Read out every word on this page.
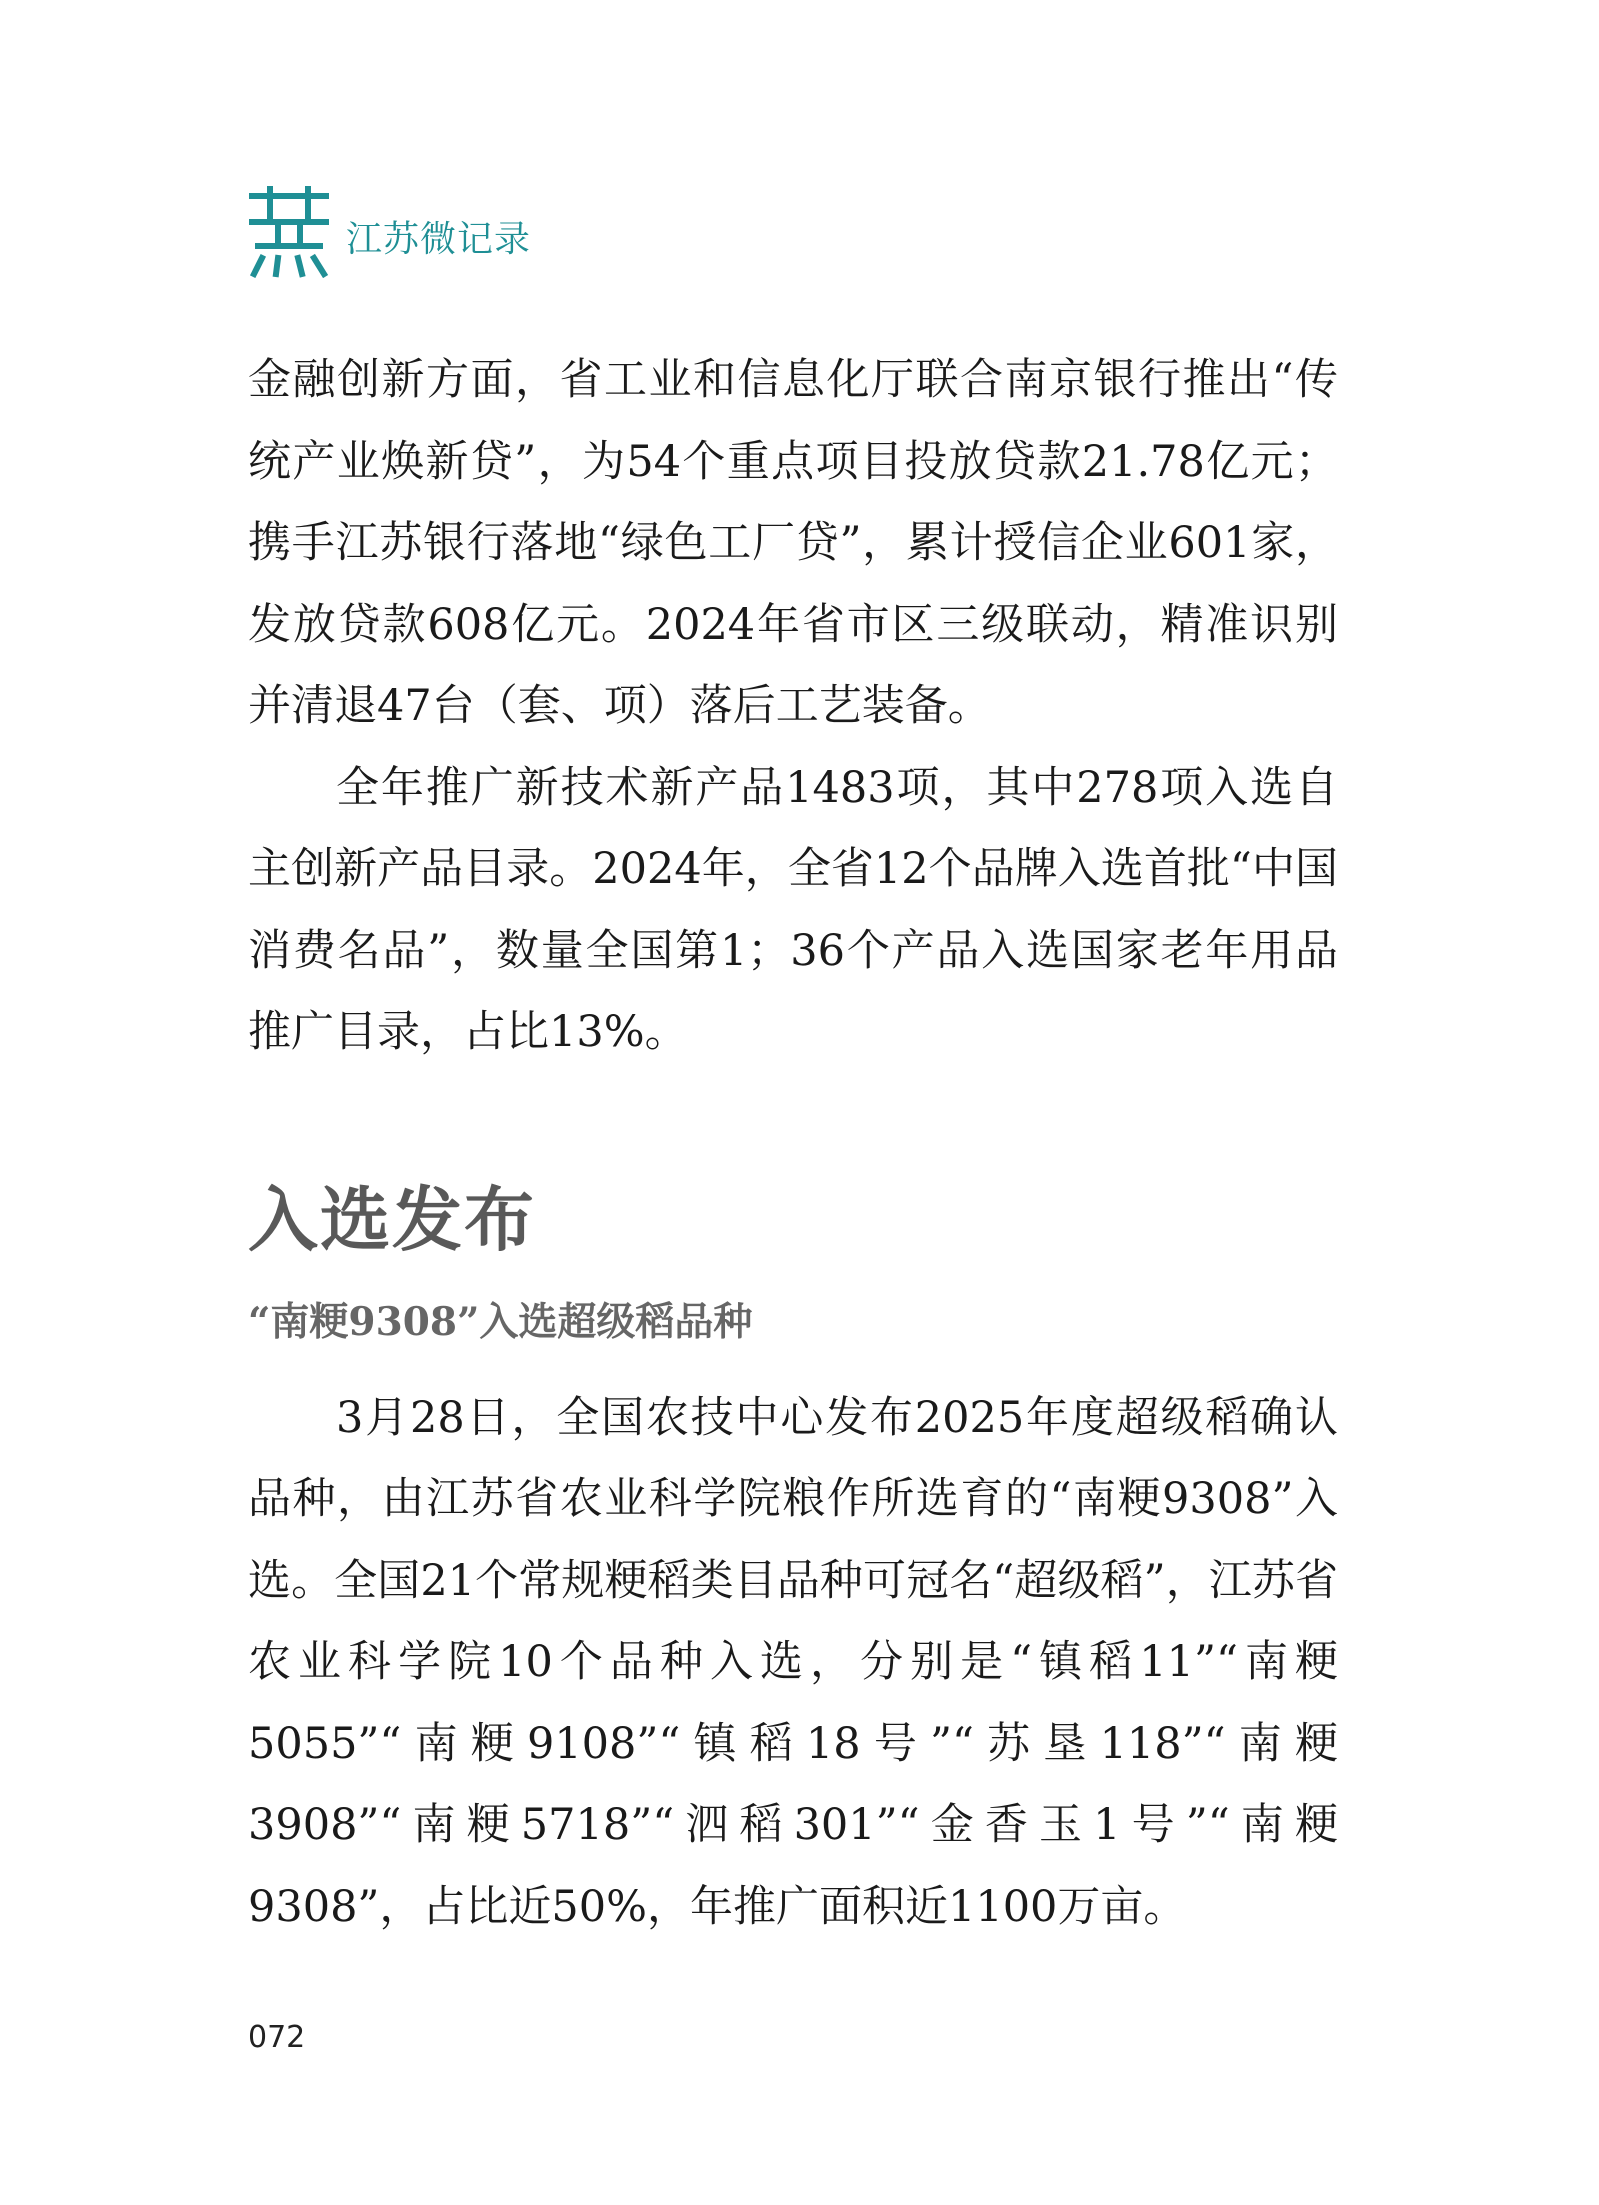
江苏微记录

金融创新方面，省工业和信息化厅联合南京银行推出“传统产业焕新贷”，为54个重点项目投放贷款21.78亿元；携手江苏银行落地“绿色工厂贷”，累计授信企业601家，发放贷款608亿元。2024年省市区三级联动，精准识别并清退47台（套、项）落后工艺装备。

全年推广新技术新产品1483项，其中278项入选自主创新产品目录。2024年，全省12个品牌入选首批“中国消费名品”，数量全国第1；36个产品入选国家老年用品推广目录，占比13%。

入选发布
“南粳9308”入选超级稻品种

3月28日，全国农技中心发布2025年度超级稻确认品种，由江苏省农业科学院粮作所选育的“南粳9308”入选。全国21个常规粳稻类目品种可冠名“超级稻”，江苏省农业科学院10个品种入选，分别是“镇稻11”“南粳5055”“南粳9108”“镇稻18号”“苏垦118”“南粳3908”“南粳5718”“泗稻301”“金香玉1号”“南粳9308”，占比近50%，年推广面积近1100万亩。

072
